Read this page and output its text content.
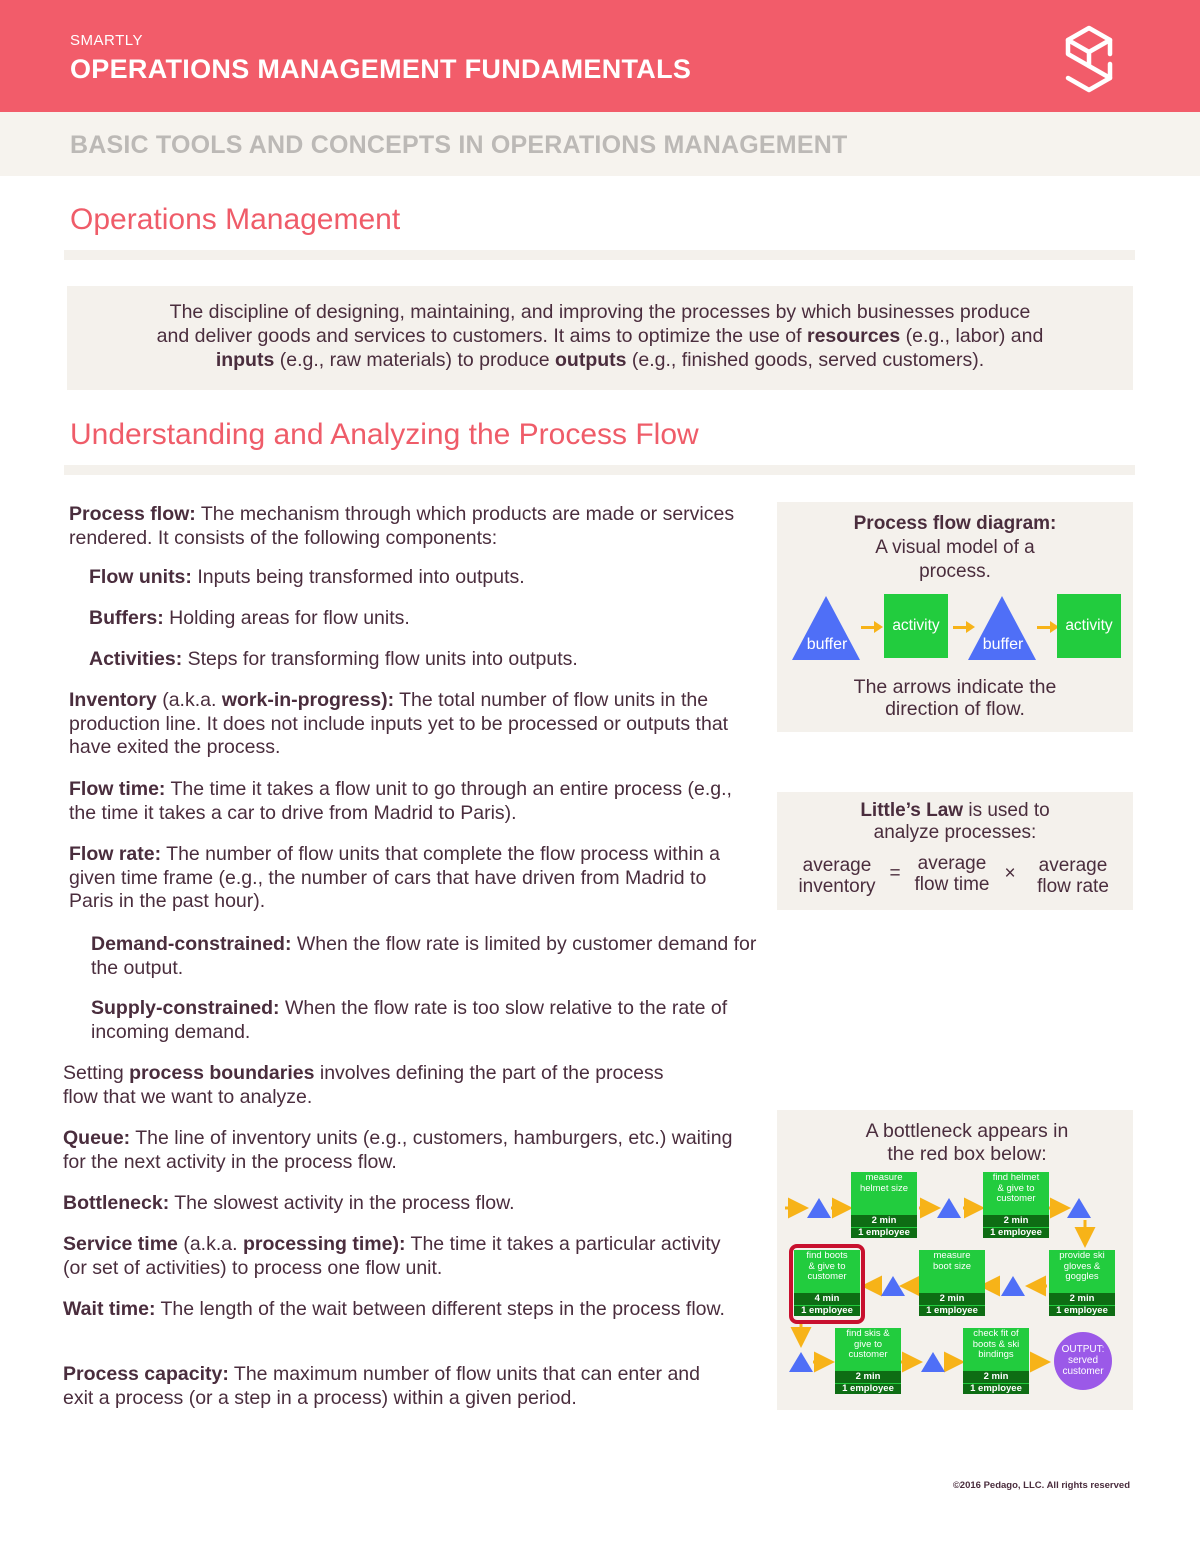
SMARTLY
OPERATIONS MANAGEMENT FUNDAMENTALS
BASIC TOOLS AND CONCEPTS IN OPERATIONS MANAGEMENT
Operations Management
The discipline of designing, maintaining, and improving the processes by which businesses produce
and deliver goods and services to customers. It aims to optimize the use of resources (e.g., labor) and
inputs (e.g., raw materials) to produce outputs (e.g., finished goods, served customers).
Understanding and Analyzing the Process Flow
Process flow: The mechanism through which products are made or services rendered. It consists of the following components:
Flow units: Inputs being transformed into outputs.
Buffers: Holding areas for flow units.
Activities: Steps for transforming flow units into outputs.
Inventory (a.k.a. work-in-progress): The total number of flow units in the production line. It does not include inputs yet to be processed or outputs that have exited the process.
Flow time: The time it takes a flow unit to go through an entire process (e.g., the time it takes a car to drive from Madrid to Paris).
Flow rate: The number of flow units that complete the flow process within a given time frame (e.g., the number of cars that have driven from Madrid to Paris in the past hour).
Demand-constrained: When the flow rate is limited by customer demand for the output.
Supply-constrained: When the flow rate is too slow relative to the rate of incoming demand.
Setting process boundaries involves defining the part of the process flow that we want to analyze.
Queue: The line of inventory units (e.g., customers, hamburgers, etc.) waiting for the next activity in the process flow.
Bottleneck: The slowest activity in the process flow.
Service time (a.k.a. processing time): The time it takes a particular activity (or set of activities) to process one flow unit.
Wait time: The length of the wait between different steps in the process flow.
Process capacity: The maximum number of flow units that can enter and exit a process (or a step in a process) within a given period.
Process flow diagram:
A visual model of a
process.
buffer
activity
buffer
activity
The arrows indicate the
direction of flow.
Little’s Law is used to
analyze processes:
average
inventory
= average
flow time
×	average
flow rate
A bottleneck appears in
the red box below:
measure
helmet size
2 min
1 employee
find helmet
& give to
customer
2 min
1 employee
find boots
& give to
customer
4 min
1 employee
measure
boot size
2 min
1 employee
provide ski
gloves &
goggles
2 min
1 employee
find skis &
give to
customer
2 min
1 employee
check fit of
boots & ski
bindings
2 min
1 employee
OUTPUT:
served
customer
©2016 Pedago, LLC. All rights reserved
